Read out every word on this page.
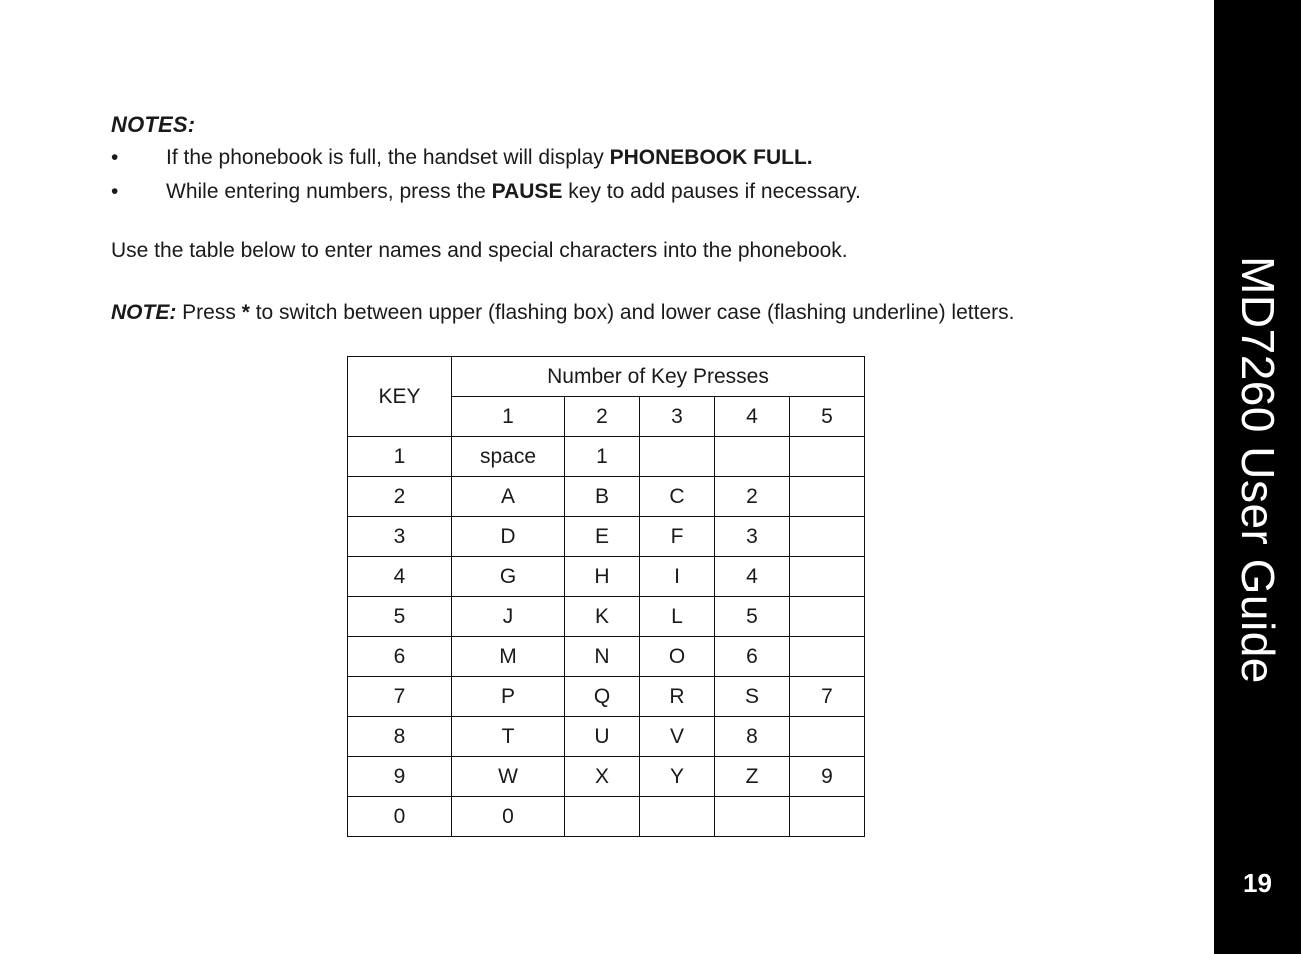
NOTES:
• If the phonebook is full, the handset will display PHONEBOOK FULL.
• While entering numbers, press the PAUSE key to add pauses if necessary.
Use the table below to enter names and special characters into the phonebook.
NOTE: Press * to switch between upper (flashing box) and lower case (flashing underline) letters.
KEY	Number of Key Presses				
	1	2	3	4	5
1	space	1			
2	A	B	C	2	
3	D	E	F	3	
4	G	H	I	4	
5	J	K	L	5	
6	M	N	O	6	
7	P	Q	R	S	7
8	T	U	V	8	
9	W	X	Y	Z	9
0	0				
MD7260 User Guide
19
